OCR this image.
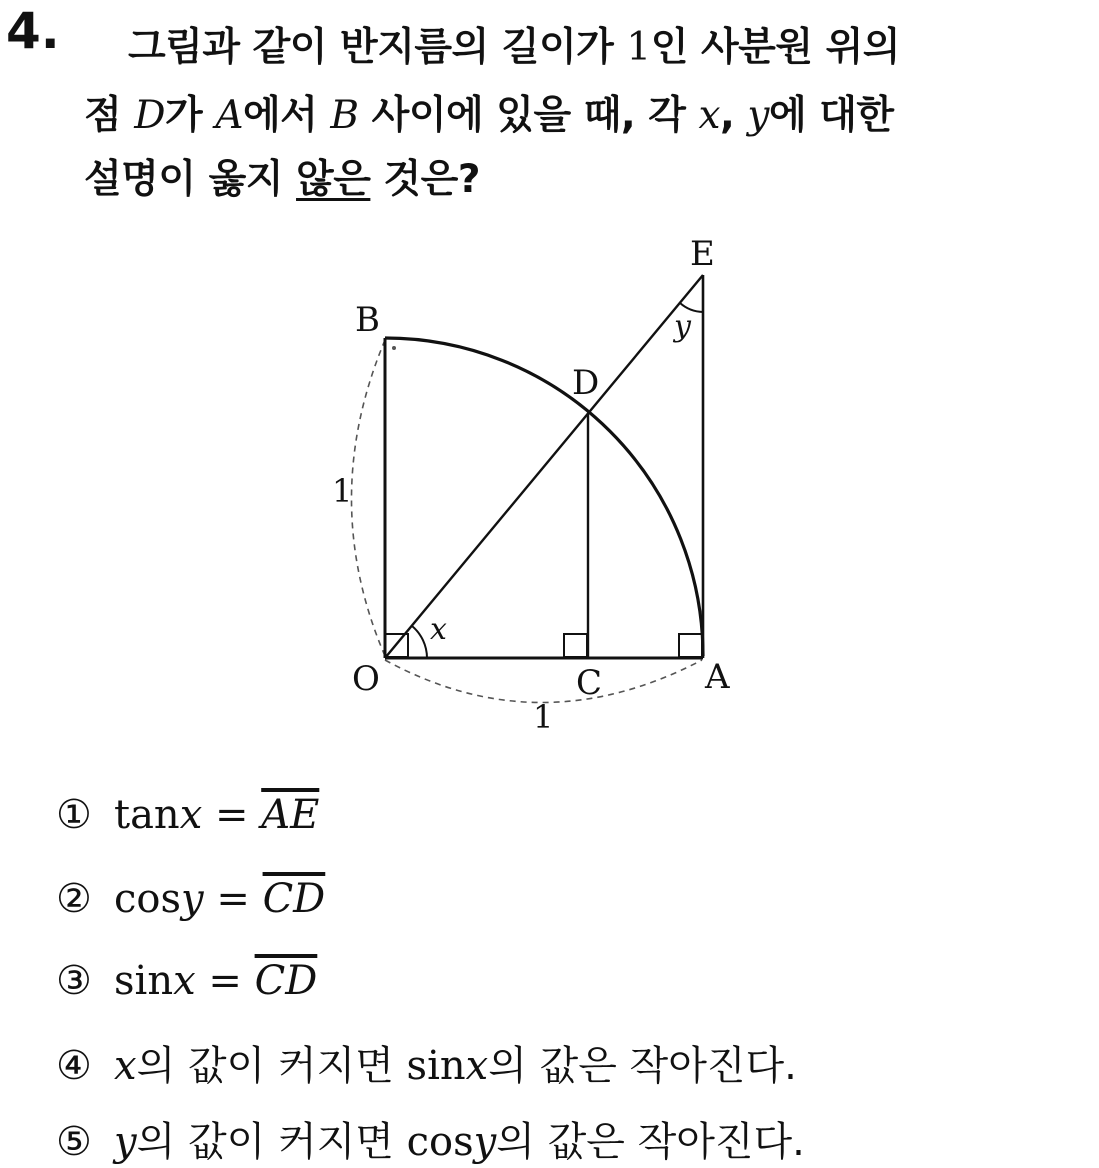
4. 그림과 같이 반지름의 길이가 1인 사분원 위의
점 D가 A에서 B 사이에 있을 때, 각 x, y에 대한
설명이 옳지 않은 것은?
B
E
D
O	C	A
1
1
x
y
① $\tan x = \overline{AE}$
② $\cos y = \overline{CD}$
③ $\sin x = \overline{CD}$
④ x의 값이 커지면 sinx의 값은 작아진다.
⑤ y의 값이 커지면 cosy의 값은 작아진다.
